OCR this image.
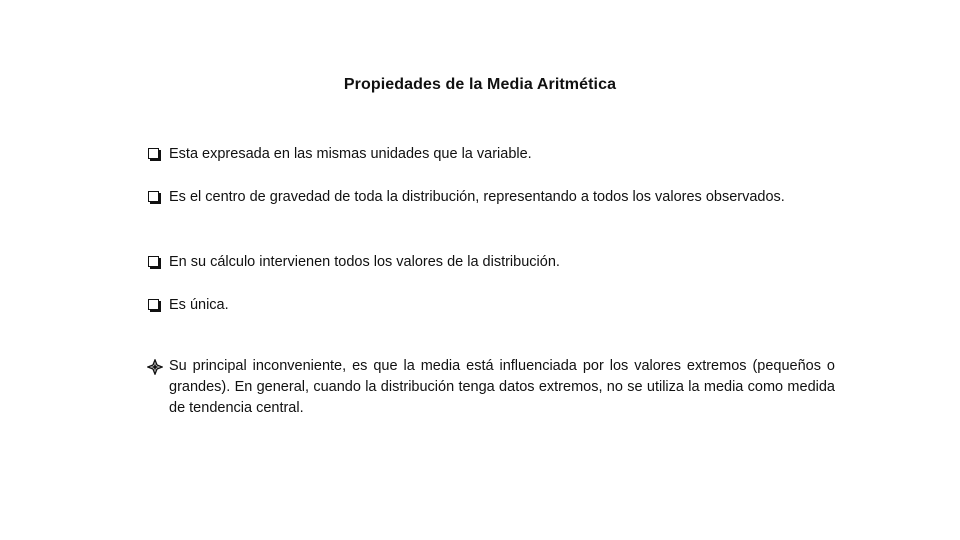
Propiedades de la Media Aritmética
Esta expresada en las mismas unidades que la variable.
Es el centro de gravedad de toda la distribución, representando a todos los valores observados.
En su cálculo intervienen todos los valores de la distribución.
Es única.
Su principal inconveniente, es que la media está influenciada por los valores extremos (pequeños o grandes). En general, cuando la distribución tenga datos extremos, no se utiliza la media como medida de tendencia central.
